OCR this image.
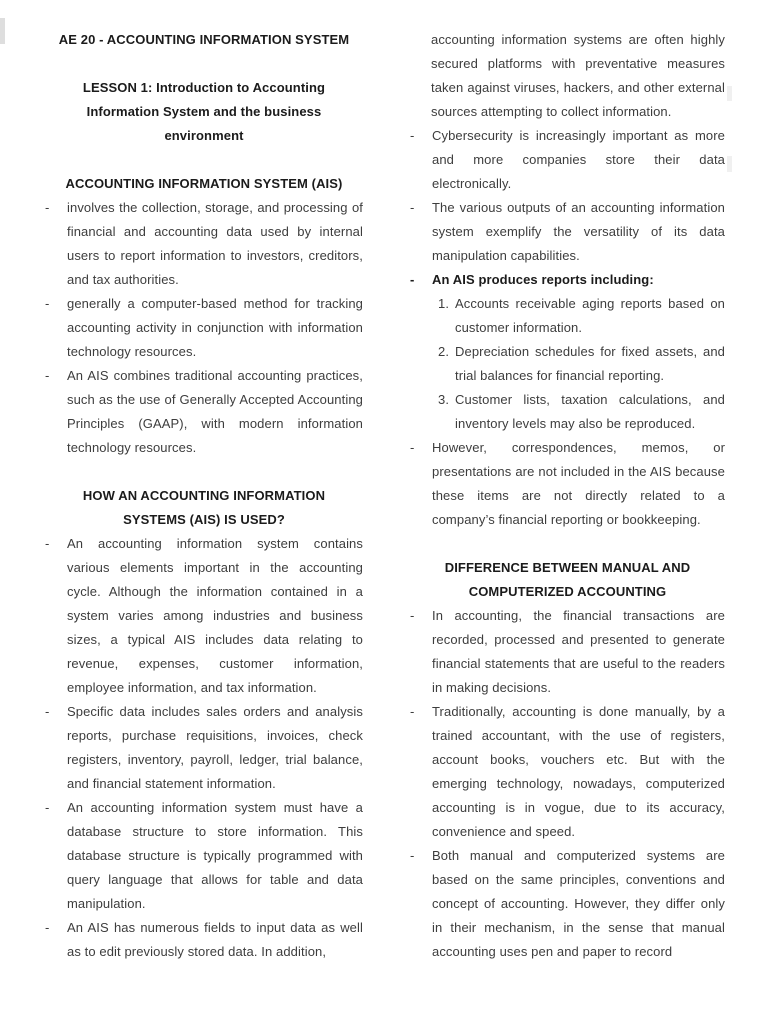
AE 20 - ACCOUNTING INFORMATION SYSTEM
LESSON 1: Introduction to Accounting Information System and the business environment
ACCOUNTING INFORMATION SYSTEM (AIS)
-	involves the collection, storage, and processing of financial and accounting data used by internal users to report information to investors, creditors, and tax authorities.
-	generally a computer-based method for tracking accounting activity in conjunction with information technology resources.
-	An AIS combines traditional accounting practices, such as the use of Generally Accepted Accounting Principles (GAAP), with modern information technology resources.
HOW AN ACCOUNTING INFORMATION SYSTEMS (AIS) IS USED?
-	An accounting information system contains various elements important in the accounting cycle. Although the information contained in a system varies among industries and business sizes, a typical AIS includes data relating to revenue, expenses, customer information, employee information, and tax information.
-	Specific data includes sales orders and analysis reports, purchase requisitions, invoices, check registers, inventory, payroll, ledger, trial balance, and financial statement information.
-	An accounting information system must have a database structure to store information. This database structure is typically programmed with query language that allows for table and data manipulation.
-	An AIS has numerous fields to input data as well as to edit previously stored data. In addition,

accounting information systems are often highly secured platforms with preventative measures taken against viruses, hackers, and other external sources attempting to collect information.

-	Cybersecurity is increasingly important as more and more companies store their data electronically.
-	The various outputs of an accounting information system exemplify the versatility of its data manipulation capabilities.
-	An AIS produces reports including:
1. Accounts receivable aging reports based on customer information.
2. Depreciation schedules for fixed assets, and trial balances for financial reporting.
3. Customer lists, taxation calculations, and inventory levels may also be reproduced.
-	However, correspondences, memos, or presentations are not included in the AIS because these items are not directly related to a company’s financial reporting or bookkeeping.
DIFFERENCE BETWEEN MANUAL AND COMPUTERIZED ACCOUNTING
-	In accounting, the financial transactions are recorded, processed and presented to generate financial statements that are useful to the readers in making decisions.
-	Traditionally, accounting is done manually, by a trained accountant, with the use of registers, account books, vouchers etc. But with the emerging technology, nowadays, computerized accounting is in vogue, due to its accuracy, convenience and speed.
-	Both manual and computerized systems are based on the same principles, conventions and concept of accounting. However, they differ only in their mechanism, in the sense that manual accounting uses pen and paper to record
